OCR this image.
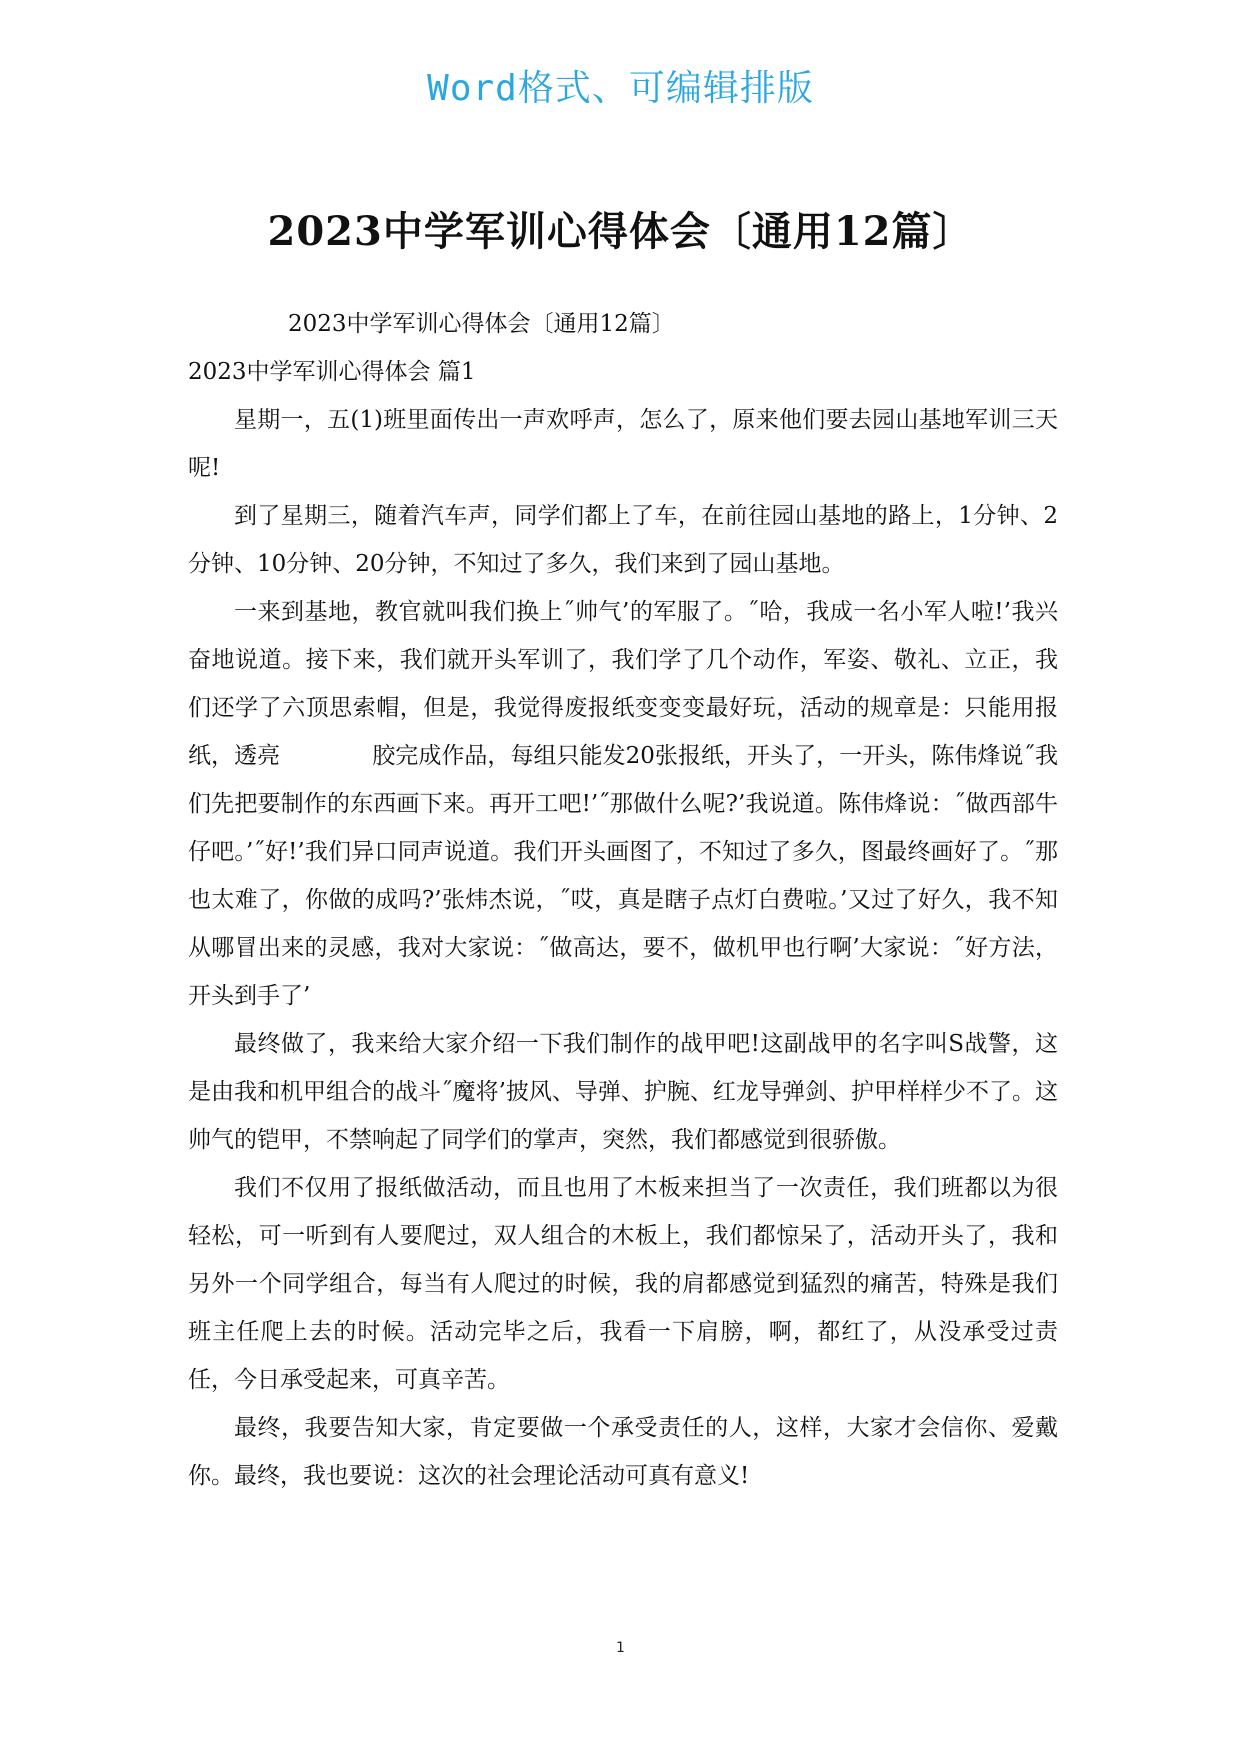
Word格式、可编辑排版
2023中学军训心得体会〔通用12篇〕

2023中学军训心得体会〔通用12篇〕

2023中学军训心得体会 篇1

星期一，五(1)班里面传出一声欢呼声，怎么了，原来他们要去园山基地军训三天呢!

到了星期三，随着汽车声，同学们都上了车，在前往园山基地的路上，1分钟、2分钟、10分钟、20分钟，不知过了多久，我们来到了园山基地。

一来到基地，教官就叫我们换上˝帅气’的军服了。˝哈，我成一名小军人啦!’我兴奋地说道。接下来，我们就开头军训了，我们学了几个动作，军姿、敬礼、立正，我们还学了六顶思索帽，但是，我觉得废报纸变变变最好玩，活动的规章是：只能用报纸，透亮　　　　胶完成作品，每组只能发20张报纸，开头了，一开头，陈伟烽说˝我们先把要制作的东西画下来。再开工吧!’˝那做什么呢?’我说道。陈伟烽说：˝做西部牛仔吧。’˝好!’我们异口同声说道。我们开头画图了，不知过了多久，图最终画好了。˝那也太难了，你做的成吗?’张炜杰说，˝哎，真是瞎子点灯白费啦。’又过了好久，我不知从哪冒出来的灵感，我对大家说：˝做高达，要不，做机甲也行啊’大家说：˝好方法，开头到手了’

最终做了，我来给大家介绍一下我们制作的战甲吧!这副战甲的名字叫S战警，这是由我和机甲组合的战斗˝魔将’披风、导弹、护腕、红龙导弹剑、护甲样样少不了。这帅气的铠甲，不禁响起了同学们的掌声，突然，我们都感觉到很骄傲。

我们不仅用了报纸做活动，而且也用了木板来担当了一次责任，我们班都以为很轻松，可一听到有人要爬过，双人组合的木板上，我们都惊呆了，活动开头了，我和另外一个同学组合，每当有人爬过的时候，我的肩都感觉到猛烈的痛苦，特殊是我们班主任爬上去的时候。活动完毕之后，我看一下肩膀，啊，都红了，从没承受过责任，今日承受起来，可真辛苦。

最终，我要告知大家，肯定要做一个承受责任的人，这样，大家才会信你、爱戴你。最终，我也要说：这次的社会理论活动可真有意义!

1
